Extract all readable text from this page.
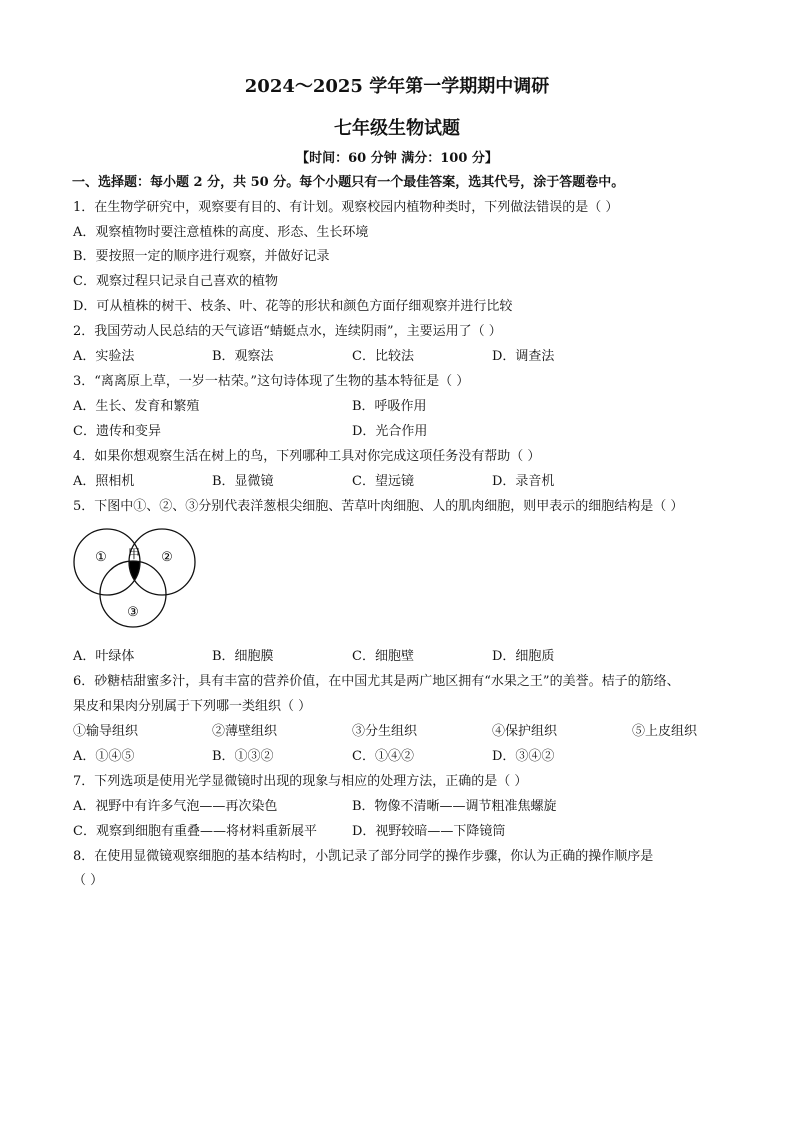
2024～2025 学年第一学期期中调研
七年级生物试题
【时间：60 分钟 满分：100 分】
一、选择题：每小题 2 分，共 50 分。每个小题只有一个最佳答案，选其代号，涂于答题卷中。
1．在生物学研究中，观察要有目的、有计划。观察校园内植物种类时，下列做法错误的是（ ）
A．观察植物时要注意植株的高度、形态、生长环境
B．要按照一定的顺序进行观察，并做好记录
C．观察过程只记录自己喜欢的植物
D．可从植株的树干、枝条、叶、花等的形状和颜色方面仔细观察并进行比较
2．我国劳动人民总结的天气谚语“蜻蜓点水，连续阴雨”，主要运用了（ ）
A．实验法	B．观察法	C．比较法	D．调查法
3．“离离原上草，一岁一枯荣。”这句诗体现了生物的基本特征是（ ）
A．生长、发育和繁殖	B．呼吸作用
C．遗传和变异	D．光合作用
4．如果你想观察生活在树上的鸟，下列哪种工具对你完成这项任务没有帮助（ ）
A．照相机	B．显微镜	C．望远镜	D．录音机
5．下图中①、②、③分别代表洋葱根尖细胞、苦草叶肉细胞、人的肌肉细胞，则甲表示的细胞结构是（ ）
①	②
③
甲
A．叶绿体	B．细胞膜	C．细胞壁	D．细胞质
6．砂糖桔甜蜜多汁，具有丰富的营养价值，在中国尤其是两广地区拥有“水果之王”的美誉。桔子的筋络、
果皮和果肉分别属于下列哪一类组织（ ）
①输导组织	②薄壁组织	③分生组织	④保护组织	⑤上皮组织
A．①④⑤	B．①③②	C．①④②	D．③④②
7．下列选项是使用光学显微镜时出现的现象与相应的处理方法，正确的是（ ）
A．视野中有许多气泡——再次染色	B．物像不清晰——调节粗准焦螺旋
C．观察到细胞有重叠——将材料重新展平	D．视野较暗——下降镜筒
8．在使用显微镜观察细胞的基本结构时，小凯记录了部分同学的操作步骤，你认为正确的操作顺序是
（ ）
